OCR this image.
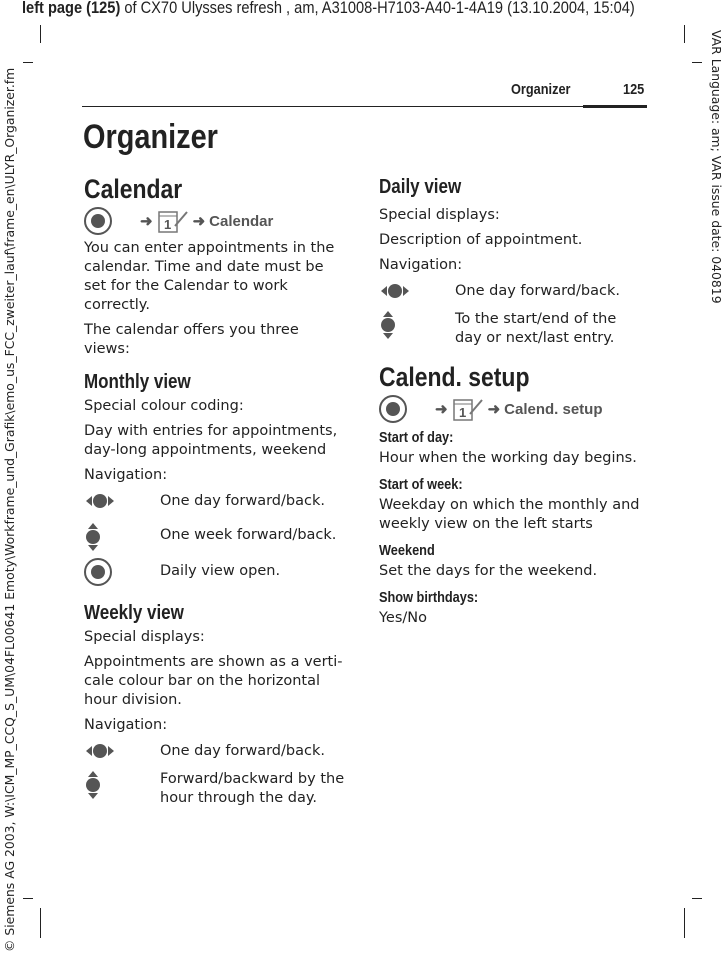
left page (125) of CX70 Ulysses refresh , am, A31008-H7103-A40-1-4A19 (13.10.2004, 15:04)
© Siemens AG 2003, W:\ICM_MP_CCQ_S_UM\04FL00641 Emoty\Workframe_und_Grafik\emo_us_FCC_zweiter_lauf\frame_en\ULYR_Organizer.fm	VAR Language: am; VAR issue date: 040819
Organizer	125
Organizer
Calendar
➜ 1 ➜ Calendar
You can enter appointments in the calendar. Time and date must be set for the Calendar to work correctly.
The calendar offers you three views:
Monthly view
Special colour coding:
Day with entries for appointments, day-long appointments, weekend
Navigation:
One day forward/back.
One week forward/back.
Daily view open.
Weekly view
Special displays:
Appointments are shown as a verti-cale colour bar on the horizontal hour division.
Navigation:
One day forward/back.
Forward/backward by the hour through the day.
Daily view
Special displays:
Description of appointment.
Navigation:
One day forward/back.
To the start/end of the day or next/last entry.
Calend. setup
➜ 1 ➜ Calend. setup
Start of day:
Hour when the working day begins.
Start of week:
Weekday on which the monthly and weekly view on the left starts
Weekend
Set the days for the weekend.
Show birthdays:
Yes/No
